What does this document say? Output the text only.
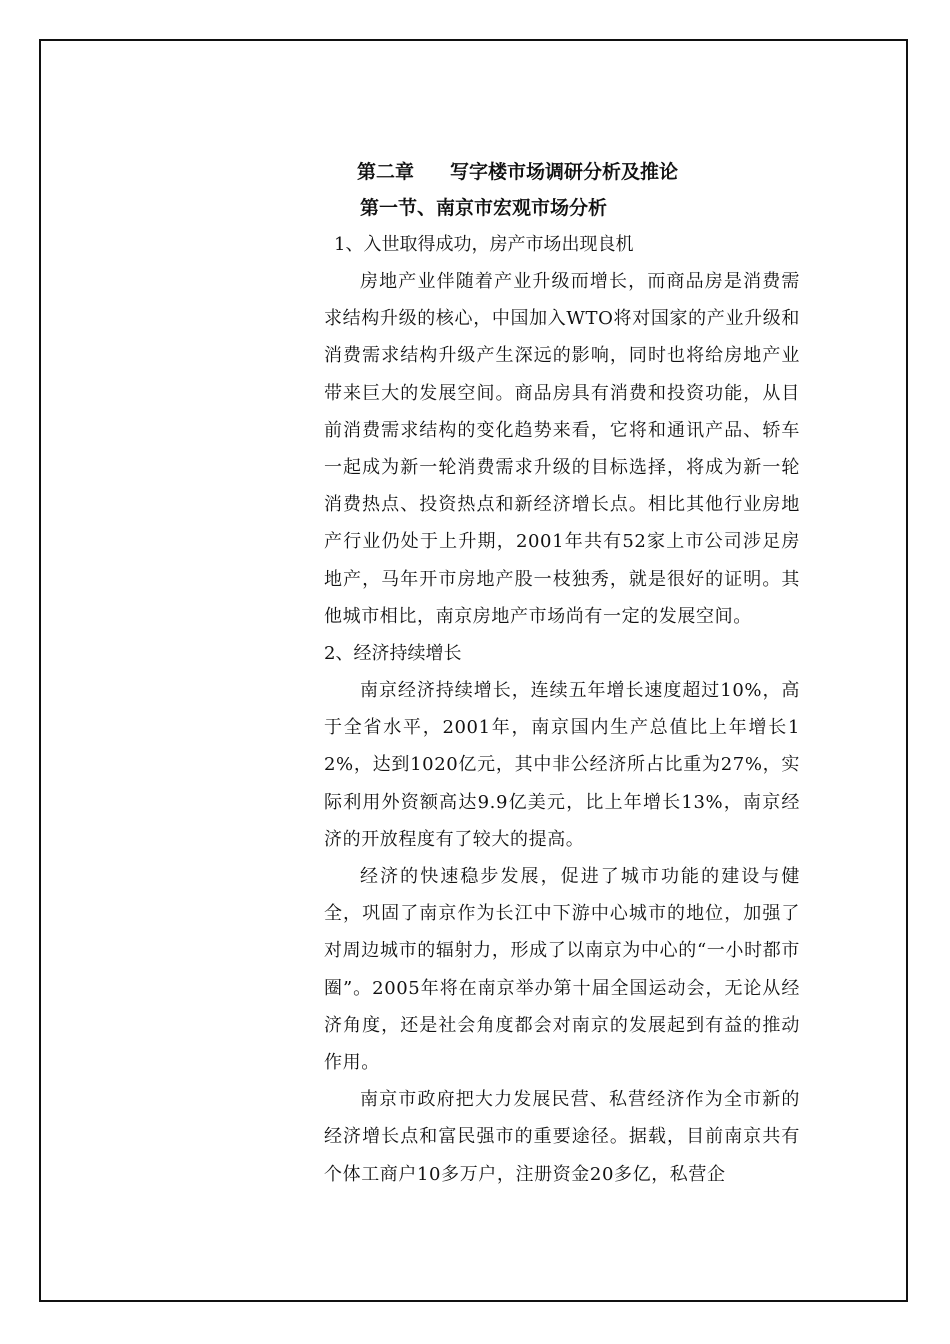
第二章 写字楼市场调研分析及推论
第一节、南京市宏观市场分析

1、入世取得成功，房产市场出现良机

房地产业伴随着产业升级而增长，而商品房是消费需求结构升级的核心，中国加入WTO将对国家的产业升级和消费需求结构升级产生深远的影响，同时也将给房地产业带来巨大的发展空间。商品房具有消费和投资功能，从目前消费需求结构的变化趋势来看，它将和通讯产品、轿车一起成为新一轮消费需求升级的目标选择，将成为新一轮消费热点、投资热点和新经济增长点。相比其他行业房地产行业仍处于上升期，2001年共有52家上市公司涉足房地产，马年开市房地产股一枝独秀，就是很好的证明。其他城市相比，南京房地产市场尚有一定的发展空间。

2、经济持续增长

南京经济持续增长，连续五年增长速度超过10%，高于全省水平，2001年，南京国内生产总值比上年增长12%，达到1020亿元，其中非公经济所占比重为27%，实际利用外资额高达9.9亿美元，比上年增长13%，南京经济的开放程度有了较大的提高。

经济的快速稳步发展，促进了城市功能的建设与健全，巩固了南京作为长江中下游中心城市的地位，加强了对周边城市的辐射力，形成了以南京为中心的“一小时都市圈”。2005年将在南京举办第十届全国运动会，无论从经济角度，还是社会角度都会对南京的发展起到有益的推动作用。

南京市政府把大力发展民营、私营经济作为全市新的经济增长点和富民强市的重要途径。据载，目前南京共有个体工商户10多万户，注册资金20多亿，私营企
